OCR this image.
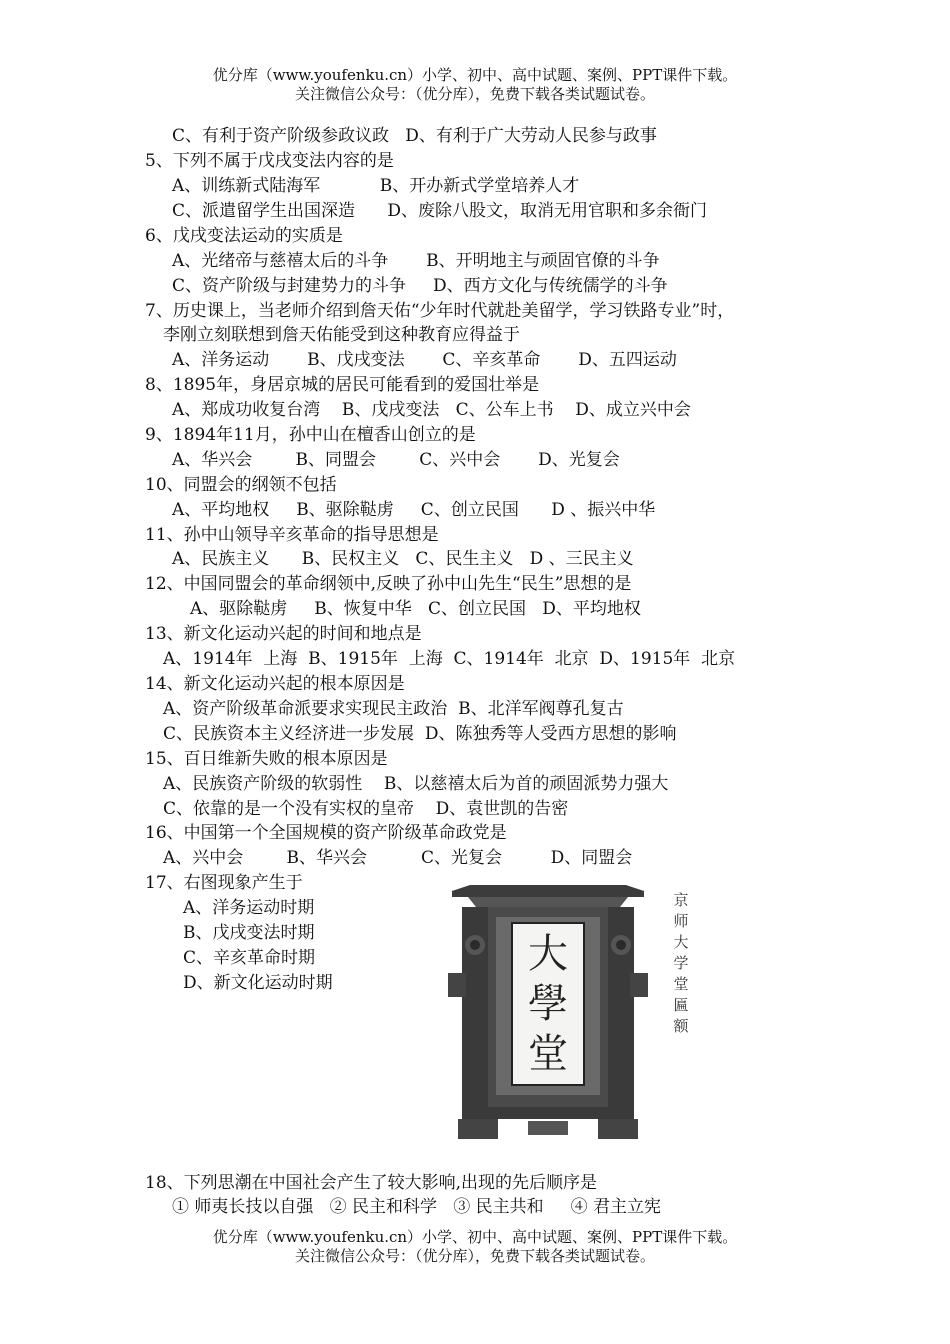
优分库（www.youfenku.cn）小学、初中、高中试题、案例、PPT课件下载。
关注微信公众号：（优分库），免费下载各类试题试卷。
C、有利于资产阶级参政议政   D、有利于广大劳动人民参与政事
5、下列不属于戊戌变法内容的是
A、训练新式陆海军           B、开办新式学堂培养人才
C、派遣留学生出国深造      D、废除八股文，取消无用官职和多余衙门
6、戊戌变法运动的实质是
A、光绪帝与慈禧太后的斗争       B、开明地主与顽固官僚的斗争
C、资产阶级与封建势力的斗争     D、西方文化与传统儒学的斗争
7、历史课上，当老师介绍到詹天佑“少年时代就赴美留学，学习铁路专业”时，
李刚立刻联想到詹天佑能受到这种教育应得益于
A、洋务运动       B、戊戌变法       C、辛亥革命       D、五四运动
8、1895年，身居京城的居民可能看到的爱国壮举是
A、郑成功收复台湾    B、戊戌变法   C、公车上书    D、成立兴中会
9、1894年11月，孙中山在檀香山创立的是
A、华兴会        B、同盟会        C、兴中会       D、光复会
10、同盟会的纲领不包括
A、平均地权     B、驱除鞑虏     C、创立民国      D 、振兴中华
11、孙中山领导辛亥革命的指导思想是
A、民族主义      B、民权主义   C、民生主义   D 、三民主义
12、中国同盟会的革命纲领中,反映了孙中山先生“民生”思想的是
A、驱除鞑虏     B、恢复中华   C、创立民国   D、平均地权
13、新文化运动兴起的时间和地点是
A、1914年  上海  B、1915年  上海  C、1914年  北京  D、1915年  北京
14、新文化运动兴起的根本原因是
A、资产阶级革命派要求实现民主政治  B、北洋军阀尊孔复古
C、民族资本主义经济进一步发展  D、陈独秀等人受西方思想的影响
15、百日维新失败的根本原因是
A、民族资产阶级的软弱性    B、以慈禧太后为首的顽固派势力强大
C、依靠的是一个没有实权的皇帝    D、袁世凯的告密
16、中国第一个全国规模的资产阶级革命政党是
A、兴中会        B、华兴会          C、光复会         D、同盟会
17、右图现象产生于
A、洋务运动时期
B、戊戌变法时期
C、辛亥革命时期
D、新文化运动时期
大
學
堂
京师大学堂匾额
18、下列思潮在中国社会产生了较大影响,出现的先后顺序是
① 师夷长技以自强   ② 民主和科学   ③ 民主共和     ④ 君主立宪
优分库（www.youfenku.cn）小学、初中、高中试题、案例、PPT课件下载。
关注微信公众号：（优分库），免费下载各类试题试卷。
